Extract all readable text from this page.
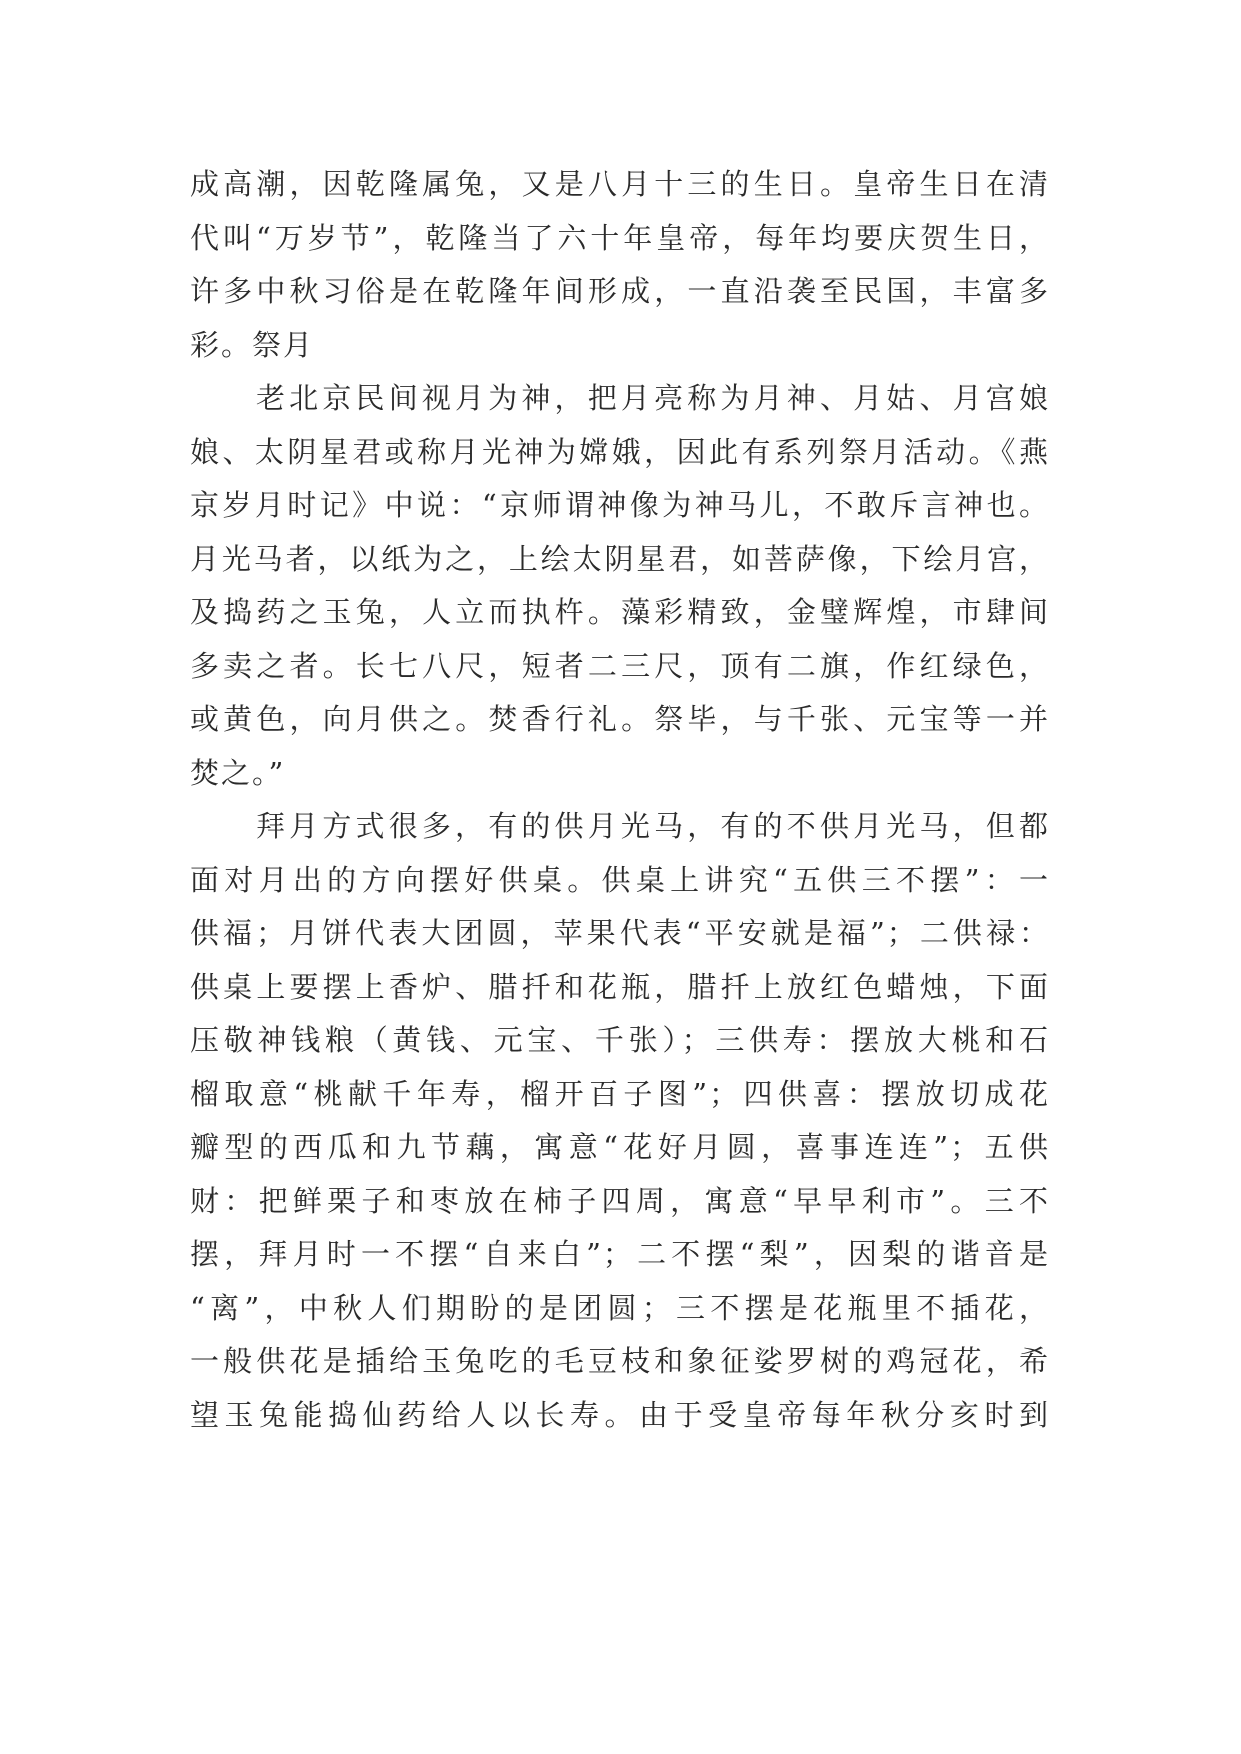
成高潮，因乾隆属兔，又是八月十三的生日。皇帝生日在清
代叫“万岁节”，乾隆当了六十年皇帝，每年均要庆贺生日，
许多中秋习俗是在乾隆年间形成，一直沿袭至民国，丰富多
彩。祭月
老北京民间视月为神，把月亮称为月神、月姑、月宫娘
娘、太阴星君或称月光神为嫦娥，因此有系列祭月活动。《燕
京岁月时记》中说：“京师谓神像为神马儿，不敢斥言神也。
月光马者，以纸为之，上绘太阴星君，如菩萨像，下绘月宫，
及捣药之玉兔，人立而执杵。藻彩精致，金璧辉煌，市肆间
多卖之者。长七八尺，短者二三尺，顶有二旗，作红绿色，
或黄色，向月供之。焚香行礼。祭毕，与千张、元宝等一并
焚之。”
拜月方式很多，有的供月光马，有的不供月光马，但都
面对月出的方向摆好供桌。供桌上讲究“五供三不摆”：一
供福；月饼代表大团圆，苹果代表“平安就是福”；二供禄：
供桌上要摆上香炉、腊扦和花瓶，腊扦上放红色蜡烛，下面
压敬神钱粮（黄钱、元宝、千张）；三供寿：摆放大桃和石
榴取意“桃献千年寿，榴开百子图”；四供喜：摆放切成花
瓣型的西瓜和九节藕，寓意“花好月圆，喜事连连”；五供
财：把鲜栗子和枣放在柿子四周，寓意“早早利市”。三不
摆，拜月时一不摆“自来白”；二不摆“梨”，因梨的谐音是
“离”，中秋人们期盼的是团圆；三不摆是花瓶里不插花，
一般供花是插给玉兔吃的毛豆枝和象征娑罗树的鸡冠花，希
望玉兔能捣仙药给人以长寿。由于受皇帝每年秋分亥时到
